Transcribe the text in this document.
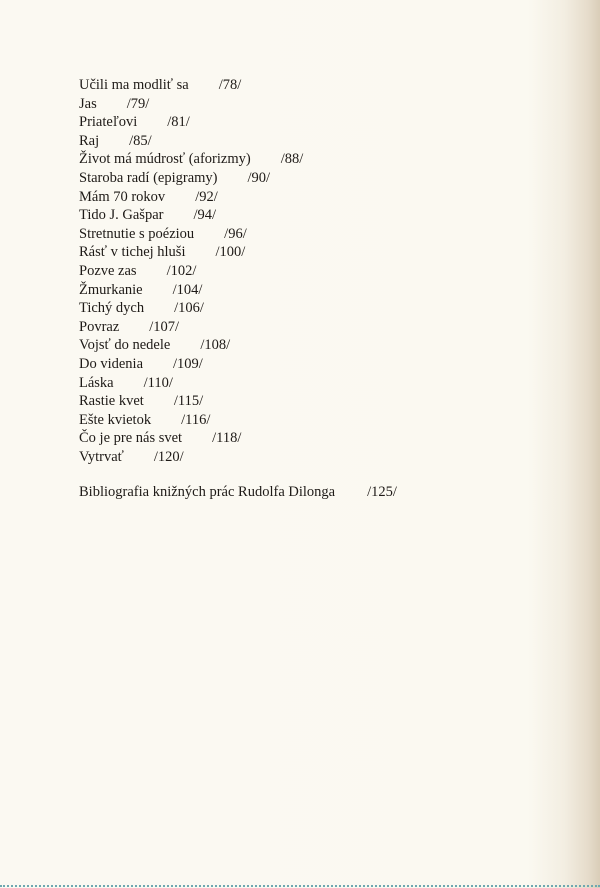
Učili ma modliť sa /78/
Jas /79/
Priateľovi /81/
Raj /85/
Život má múdrosť (aforizmy) /88/
Staroba radí (epigramy) /90/
Mám 70 rokov /92/
Tido J. Gašpar /94/
Stretnutie s poéziou /96/
Rásť v tichej hluši /100/
Pozve zas /102/
Žmurkanie /104/
Tichý dych /106/
Povraz /107/
Vojsť do nedele /108/
Do videnia /109/
Láska /110/
Rastie kvet /115/
Ešte kvietok /116/
Čo je pre nás svet /118/
Vytrvať /120/
Bibliografia knižných prác Rudolfa Dilonga /125/
